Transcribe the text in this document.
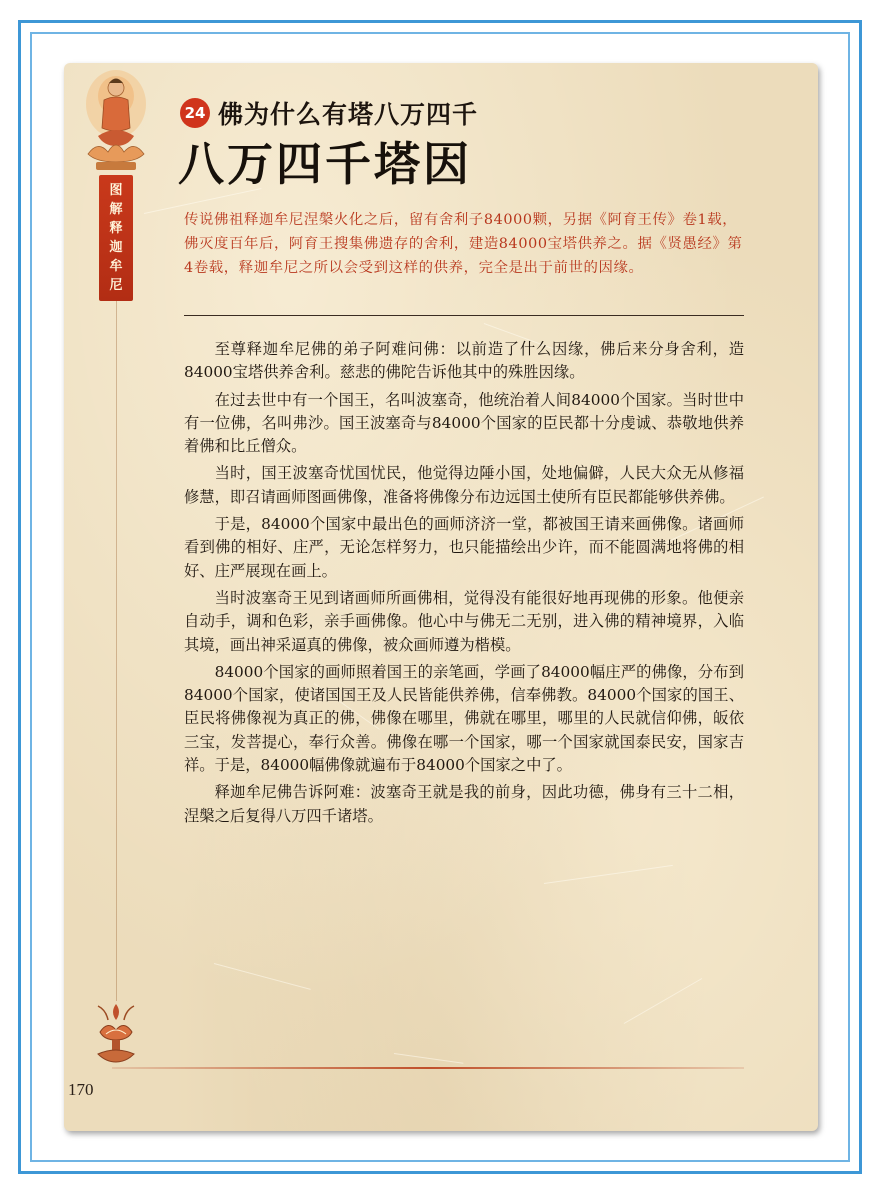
图解释迦牟尼
24 佛为什么有塔八万四千
八万四千塔因
传说佛祖释迦牟尼涅槃火化之后，留有舍利子84000颗，另据《阿育王传》卷1载，佛灭度百年后，阿育王搜集佛遗存的舍利，建造84000宝塔供养之。据《贤愚经》第4卷载，释迦牟尼之所以会受到这样的供养，完全是出于前世的因缘。

至尊释迦牟尼佛的弟子阿难问佛：以前造了什么因缘，佛后来分身舍利，造84000宝塔供养舍利。慈悲的佛陀告诉他其中的殊胜因缘。

在过去世中有一个国王，名叫波塞奇，他统治着人间84000个国家。当时世中有一位佛，名叫弗沙。国王波塞奇与84000个国家的臣民都十分虔诚、恭敬地供养着佛和比丘僧众。

当时，国王波塞奇忧国忧民，他觉得边陲小国，处地偏僻，人民大众无从修福修慧，即召请画师图画佛像，准备将佛像分布边远国土使所有臣民都能够供养佛。

于是，84000个国家中最出色的画师济济一堂，都被国王请来画佛像。诸画师看到佛的相好、庄严，无论怎样努力，也只能描绘出少许，而不能圆满地将佛的相好、庄严展现在画上。

当时波塞奇王见到诸画师所画佛相，觉得没有能很好地再现佛的形象。他便亲自动手，调和色彩，亲手画佛像。他心中与佛无二无别，进入佛的精神境界，入临其境，画出神采逼真的佛像，被众画师遵为楷模。

84000个国家的画师照着国王的亲笔画，学画了84000幅庄严的佛像，分布到84000个国家，使诸国国王及人民皆能供养佛，信奉佛教。84000个国家的国王、臣民将佛像视为真正的佛，佛像在哪里，佛就在哪里，哪里的人民就信仰佛，皈依三宝，发菩提心，奉行众善。佛像在哪一个国家，哪一个国家就国泰民安，国家吉祥。于是，84000幅佛像就遍布于84000个国家之中了。

释迦牟尼佛告诉阿难：波塞奇王就是我的前身，因此功德，佛身有三十二相，涅槃之后复得八万四千诸塔。

170
